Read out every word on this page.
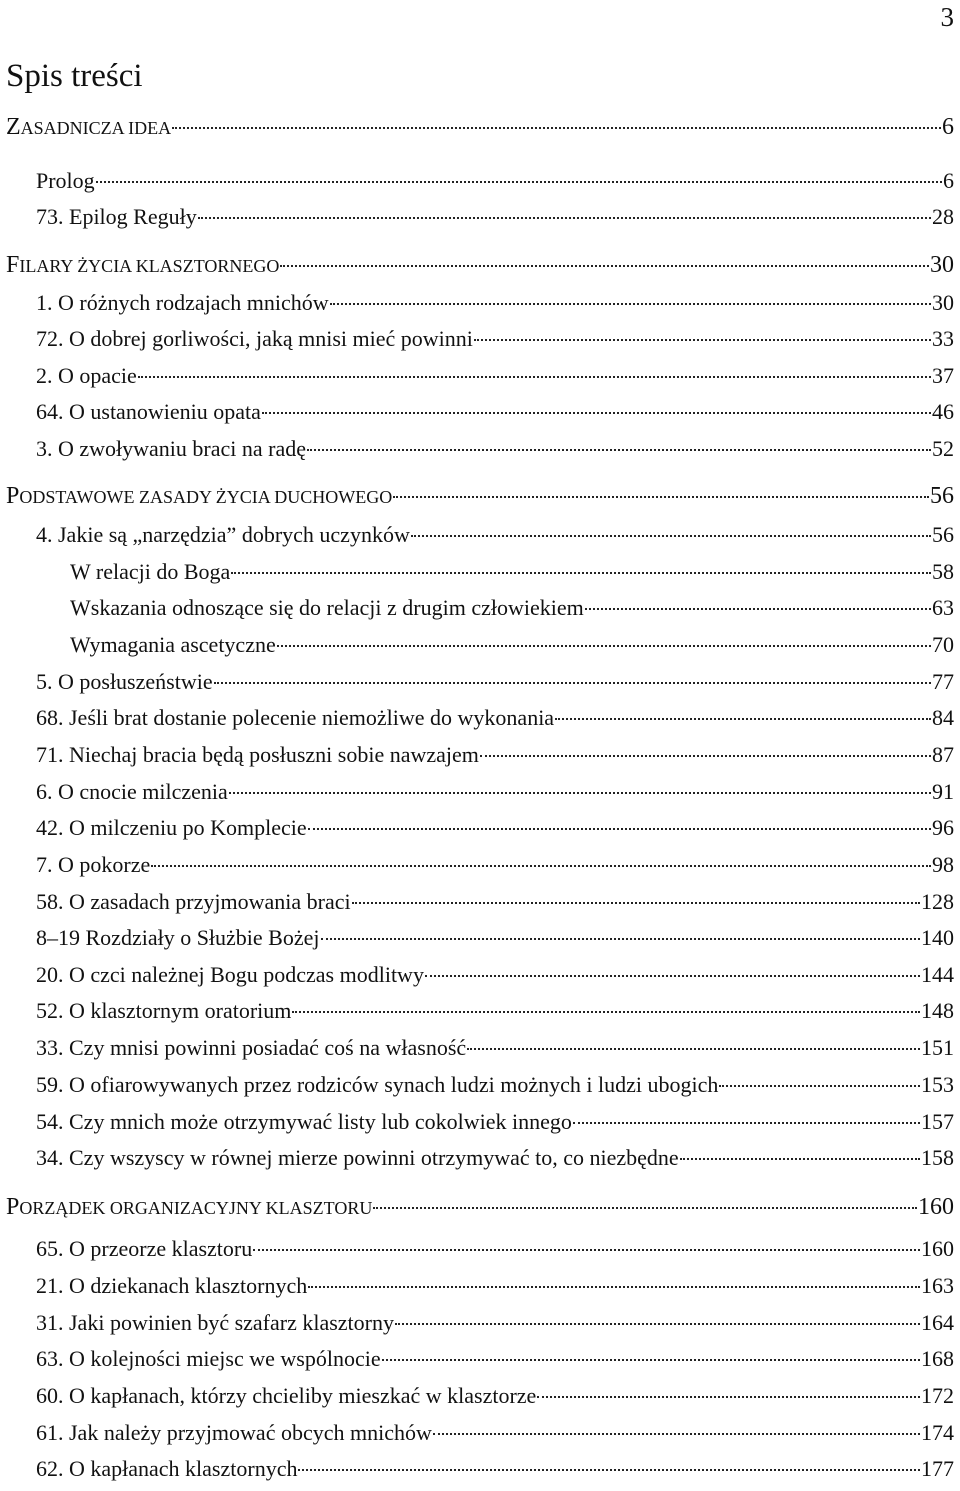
3
Spis treści
ZASADNICZA IDEA	6
Prolog	6
73. Epilog Reguły	28
FILARY ŻYCIA KLASZTORNEGO	30
1. O różnych rodzajach mnichów	30
72. O dobrej gorliwości, jaką mnisi mieć powinni	33
2. O opacie	37
64. O ustanowieniu opata	46
3. O zwoływaniu braci na radę	52
PODSTAWOWE ZASADY ŻYCIA DUCHOWEGO	56
4. Jakie są „narzędzia” dobrych uczynków	56
W relacji do Boga	58
Wskazania odnoszące się do relacji z drugim człowiekiem	63
Wymagania ascetyczne	70
5. O posłuszeństwie	77
68. Jeśli brat dostanie polecenie niemożliwe do wykonania	84
71. Niechaj bracia będą posłuszni sobie nawzajem	87
6. O cnocie milczenia	91
42. O milczeniu po Komplecie	96
7. O pokorze	98
58. O zasadach przyjmowania braci	128
8–19 Rozdziały o Służbie Bożej	140
20. O czci należnej Bogu podczas modlitwy	144
52. O klasztornym oratorium	148
33. Czy mnisi powinni posiadać coś na własność	151
59. O ofiarowywanych przez rodziców synach ludzi możnych i ludzi ubogich	153
54. Czy mnich może otrzymywać listy lub cokolwiek innego	157
34. Czy wszyscy w równej mierze powinni otrzymywać to, co niezbędne	158
PORZĄDEK ORGANIZACYJNY KLASZTORU	160
65. O przeorze klasztoru	160
21. O dziekanach klasztornych	163
31. Jaki powinien być szafarz klasztorny	164
63. O kolejności miejsc we wspólnocie	168
60. O kapłanach, którzy chcieliby mieszkać w klasztorze	172
61. Jak należy przyjmować obcych mnichów	174
62. O kapłanach klasztornych	177
